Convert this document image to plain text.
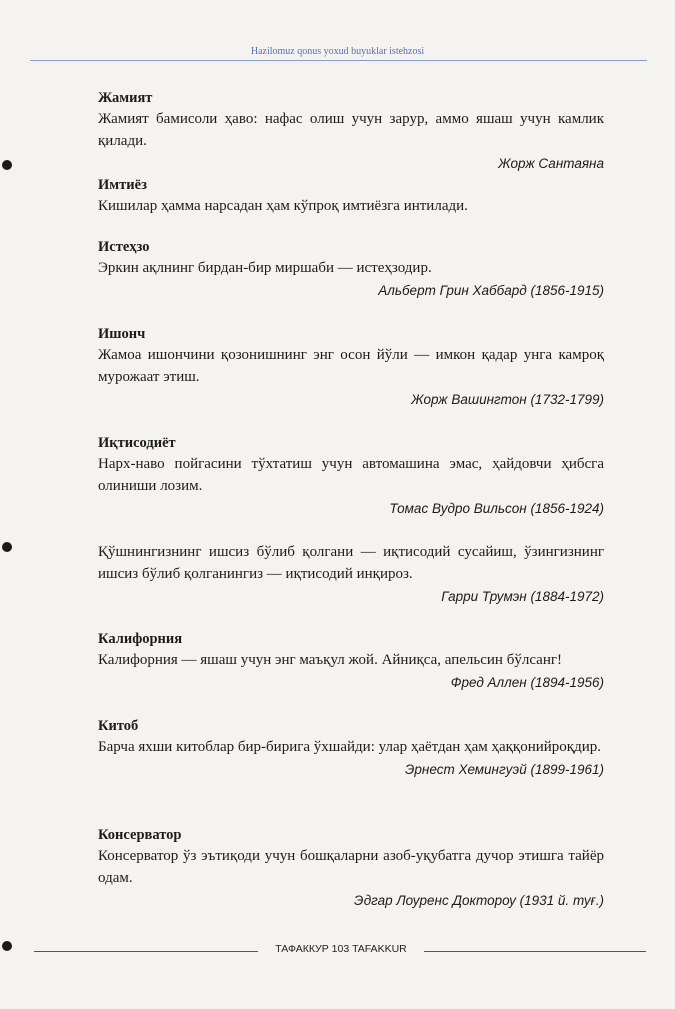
Hazilomuz qonus yoxud buyuklar istehzosi
Жамият
Жамият бамисоли ҳаво: нафас олиш учун зарур, аммо яшаш учун камлик қилади.
Жорж Сантаяна
Имтиёз
Кишилар ҳамма нарсадан ҳам кўпроқ имтиёзга интилади.
Истеҳзо
Эркин ақлнинг бирдан-бир миршаби — истеҳзодир.
Альберт Грин Хаббард (1856-1915)
Ишонч
Жамоа ишончини қозонишнинг энг осон йўли — имкон қадар унга камроқ мурожаат этиш.
Жорж Вашингтон (1732-1799)
Иқтисодиёт
Нарх-наво пойгасини тўхтатиш учун автомашина эмас, ҳайдовчи ҳибсга олиниши лозим.
Томас Вудро Вильсон (1856-1924)
Қўшнингизнинг ишсиз бўлиб қолгани — иқтисодий сусайиш, ўзингизнинг ишсиз бўлиб қолганингиз — иқтисодий инқироз.
Гарри Трумэн (1884-1972)
Калифорния
Калифорния — яшаш учун энг маъқул жой. Айниқса, апельсин бўлсанг!
Фред Аллен (1894-1956)
Китоб
Барча яхши китоблар бир-бирига ўхшайди: улар ҳаётдан ҳам ҳаққонийроқдир.
Эрнест Хемингуэй (1899-1961)
Консерватор
Консерватор ўз эътиқоди учун бошқаларни азоб-уқубатга дучор этишга тайёр одам.
Эдгар Лоуренс Доктороу (1931 й. туғ.)
ТАФАККУР 103 TAFAKKUR
